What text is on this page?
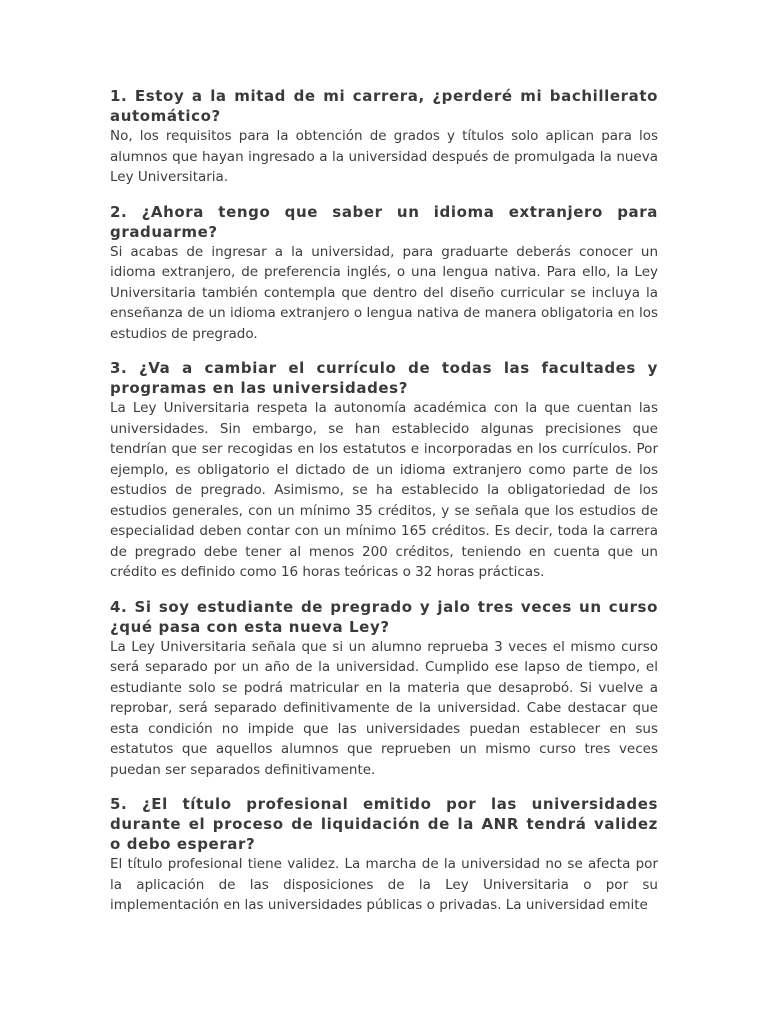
1. Estoy a la mitad de mi carrera, ¿perderé mi bachillerato automático?

No, los requisitos para la obtención de grados y títulos solo aplican para los alumnos que hayan ingresado a la universidad después de promulgada la nueva Ley Universitaria.

2. ¿Ahora tengo que saber un idioma extranjero para graduarme?

Si acabas de ingresar a la universidad, para graduarte deberás conocer un idioma extranjero, de preferencia inglés, o una lengua nativa. Para ello, la Ley Universitaria también contempla que dentro del diseño curricular se incluya la enseñanza de un idioma extranjero o lengua nativa de manera obligatoria en los estudios de pregrado.

3. ¿Va a cambiar el currículo de todas las facultades y programas en las universidades?

La Ley Universitaria respeta la autonomía académica con la que cuentan las universidades. Sin embargo, se han establecido algunas precisiones que tendrían que ser recogidas en los estatutos e incorporadas en los currículos. Por ejemplo, es obligatorio el dictado de un idioma extranjero como parte de los estudios de pregrado. Asimismo, se ha establecido la obligatoriedad de los estudios generales, con un mínimo 35 créditos, y se señala que los estudios de especialidad deben contar con un mínimo 165 créditos. Es decir, toda la carrera de pregrado debe tener al menos 200 créditos, teniendo en cuenta que un crédito es definido como 16 horas teóricas o 32 horas prácticas.

4. Si soy estudiante de pregrado y jalo tres veces un curso ¿qué pasa con esta nueva Ley?

La Ley Universitaria señala que si un alumno reprueba 3 veces el mismo curso será separado por un año de la universidad. Cumplido ese lapso de tiempo, el estudiante solo se podrá matricular en la materia que desaprobó. Si vuelve a reprobar, será separado definitivamente de la universidad. Cabe destacar que esta condición no impide que las universidades puedan establecer en sus estatutos que aquellos alumnos que reprueben un mismo curso tres veces puedan ser separados definitivamente.

5. ¿El título profesional emitido por las universidades durante el proceso de liquidación de la ANR tendrá validez o debo esperar?

El título profesional tiene validez. La marcha de la universidad no se afecta por la aplicación de las disposiciones de la Ley Universitaria o por su implementación en las universidades públicas o privadas. La universidad emite
